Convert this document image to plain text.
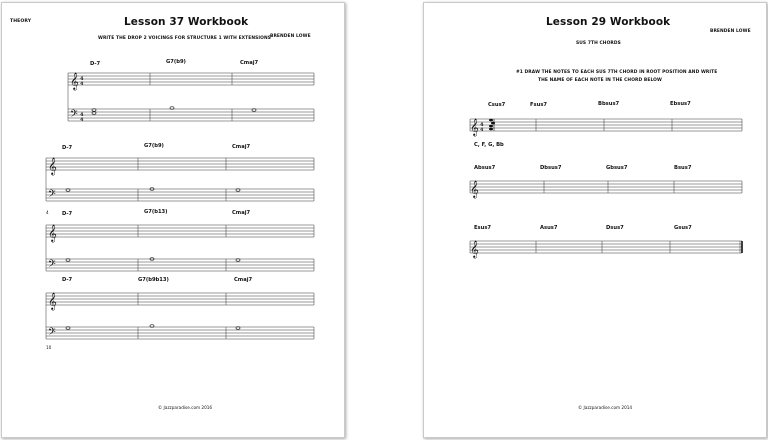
𝄞
𝄢
𝄞
𝄢
𝄞
𝄢
𝄞
𝄢
4
4
4
4
THEORY	Lesson 37 Workbook
BRENDEN LOWE
WRITE THE DROP 2 VOICINGS FOR STRUCTURE 1 WITH EXTENSIONS
D-7	G7(b9)	Cmaj7
D-7	G7(b9)	Cmaj7
4	D-7	G7(b13)	Cmaj7
D-7	G7(b9b13)	Cmaj7
10
© Jazzparadise.com 2016
𝄞
𝄞
𝄞
4
4
Lesson 29 Workbook
BRENDEN LOWE
SUS 7TH CHORDS
#1 DRAW THE NOTES TO EACH SUS 7TH CHORD IN ROOT POSITION AND WRITE
THE NAME OF EACH NOTE IN THE CHORD BELOW
Csus7	Fsus7	Bbsus7	Ebsus7
C, F, G, Bb
Absus7	Dbsus7	Gbsus7	Bsus7
Esus7	Asus7	Dsus7	Gsus7
© Jazzparadise.com 2014
